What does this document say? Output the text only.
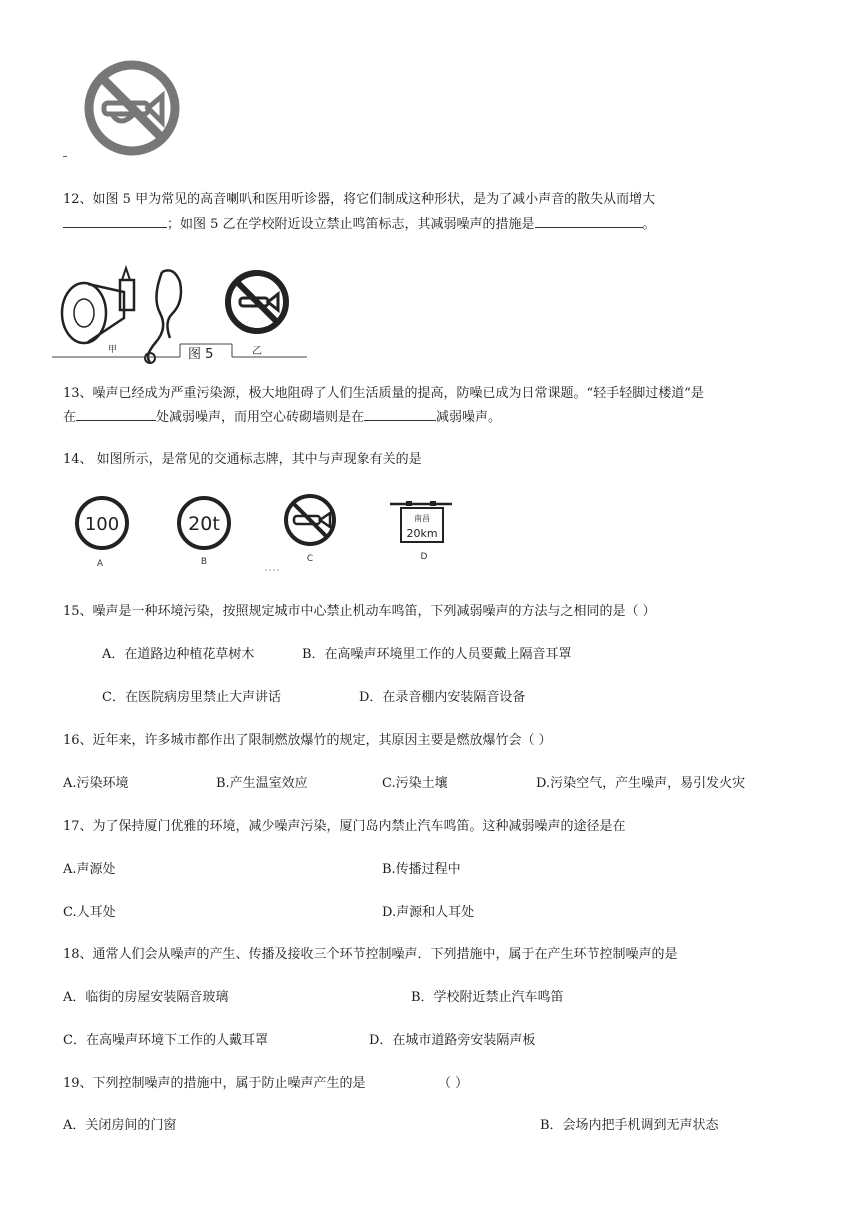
12、如图 5 甲为常见的高音喇叭和医用听诊器，将它们制成这种形状，是为了减小声音的散失从而增大
；如图 5 乙在学校附近设立禁止鸣笛标志，其减弱噪声的措施是	。
甲	图 5	乙
13、噪声已经成为严重污染源，极大地阻碍了人们生活质量的提高，防噪已成为日常课题。“轻手轻脚过楼道”是
在	处减弱噪声，而用空心砖砌墙则是在	减弱噪声。
14、 如图所示，是常见的交通标志牌，其中与声现象有关的是
100
A
20t
B	C
南昌
20km
D
15、噪声是一种环境污染，按照规定城市中心禁止机动车鸣笛，下列减弱噪声的方法与之相同的是（ ）
A．在道路边种植花草树木	B．在高噪声环境里工作的人员要戴上隔音耳罩
C．在医院病房里禁止大声讲话	D．在录音棚内安装隔音设备
16、近年来，许多城市都作出了限制燃放爆竹的规定，其原因主要是燃放爆竹会（ ）
A.污染环境	B.产生温室效应	C.污染土壤	D.污染空气，产生噪声，易引发火灾
17、为了保持厦门优雅的环境，减少噪声污染，厦门岛内禁止汽车鸣笛。这种减弱噪声的途径是在
A.声源处	B.传播过程中
C.人耳处	D.声源和人耳处
18、通常人们会从噪声的产生、传播及接收三个环节控制噪声．下列措施中，属于在产生环节控制噪声的是
A．临街的房屋安装隔音玻璃	B．学校附近禁止汽车鸣笛
C．在高噪声环境下工作的人戴耳罩	D．在城市道路旁安装隔声板
19、下列控制噪声的措施中，属于防止噪声产生的是	（ ）
A．关闭房间的门窗	B．会场内把手机调到无声状态
